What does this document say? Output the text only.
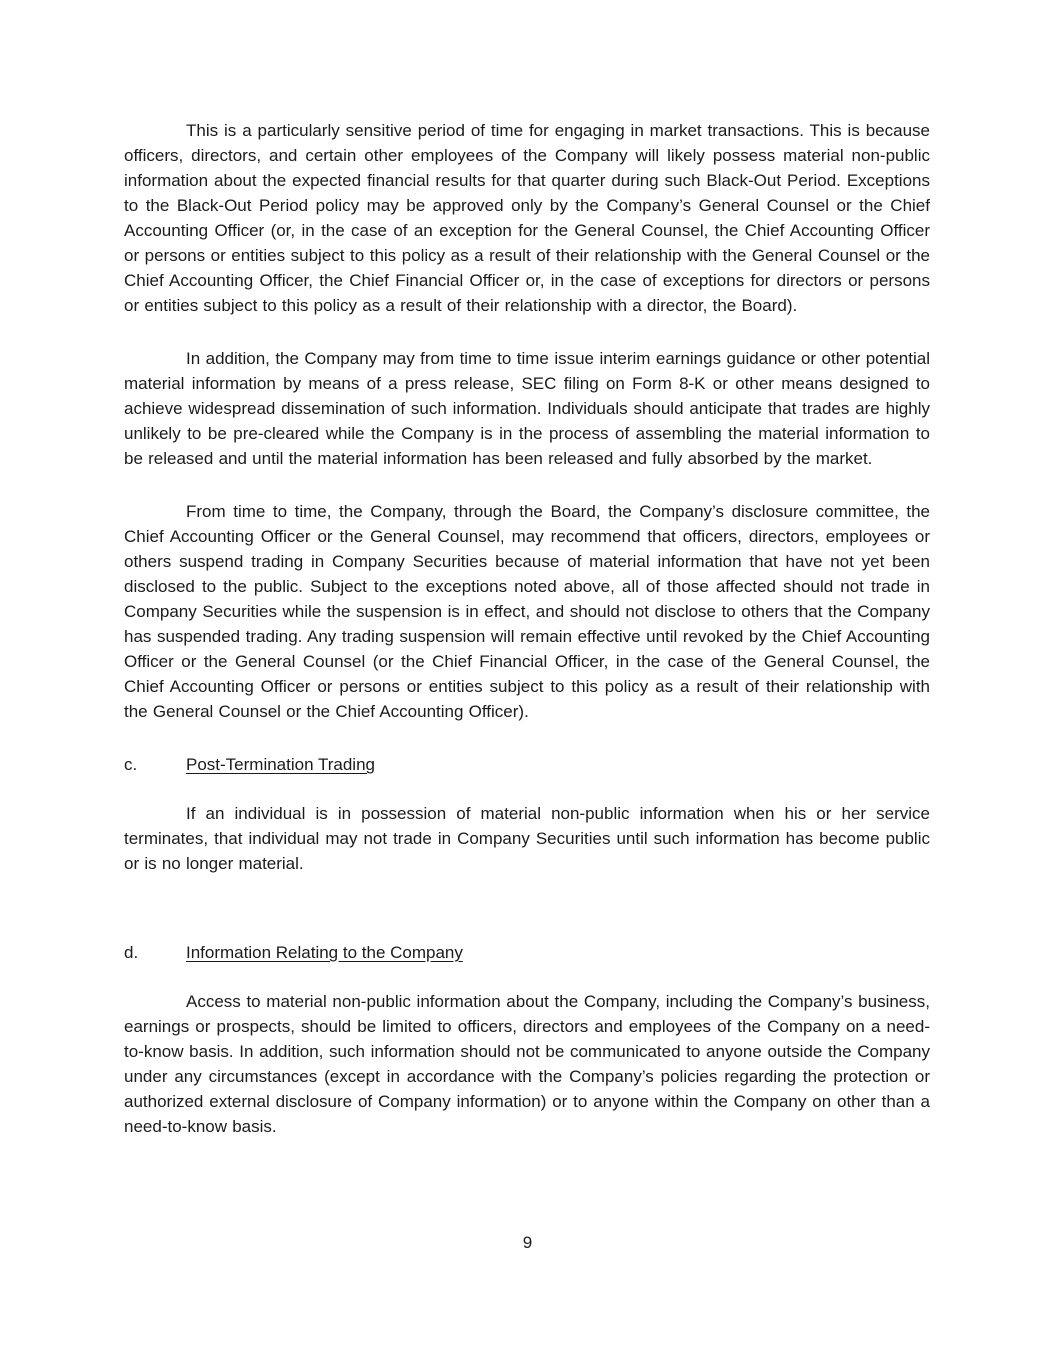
This is a particularly sensitive period of time for engaging in market transactions. This is because officers, directors, and certain other employees of the Company will likely possess material non-public information about the expected financial results for that quarter during such Black-Out Period. Exceptions to the Black-Out Period policy may be approved only by the Company’s General Counsel or the Chief Accounting Officer (or, in the case of an exception for the General Counsel, the Chief Accounting Officer or persons or entities subject to this policy as a result of their relationship with the General Counsel or the Chief Accounting Officer, the Chief Financial Officer or, in the case of exceptions for directors or persons or entities subject to this policy as a result of their relationship with a director, the Board).

In addition, the Company may from time to time issue interim earnings guidance or other potential material information by means of a press release, SEC filing on Form 8-K or other means designed to achieve widespread dissemination of such information. Individuals should anticipate that trades are highly unlikely to be pre-cleared while the Company is in the process of assembling the material information to be released and until the material information has been released and fully absorbed by the market.

From time to time, the Company, through the Board, the Company’s disclosure committee, the Chief Accounting Officer or the General Counsel, may recommend that officers, directors, employees or others suspend trading in Company Securities because of material information that have not yet been disclosed to the public. Subject to the exceptions noted above, all of those affected should not trade in Company Securities while the suspension is in effect, and should not disclose to others that the Company has suspended trading. Any trading suspension will remain effective until revoked by the Chief Accounting Officer or the General Counsel (or the Chief Financial Officer, in the case of the General Counsel, the Chief Accounting Officer or persons or entities subject to this policy as a result of their relationship with the General Counsel or the Chief Accounting Officer).

c.	Post-Termination Trading

If an individual is in possession of material non-public information when his or her service terminates, that individual may not trade in Company Securities until such information has become public or is no longer material.

d.	Information Relating to the Company

Access to material non-public information about the Company, including the Company’s business, earnings or prospects, should be limited to officers, directors and employees of the Company on a need-to-know basis. In addition, such information should not be communicated to anyone outside the Company under any circumstances (except in accordance with the Company’s policies regarding the protection or authorized external disclosure of Company information) or to anyone within the Company on other than a need-to-know basis.

9
